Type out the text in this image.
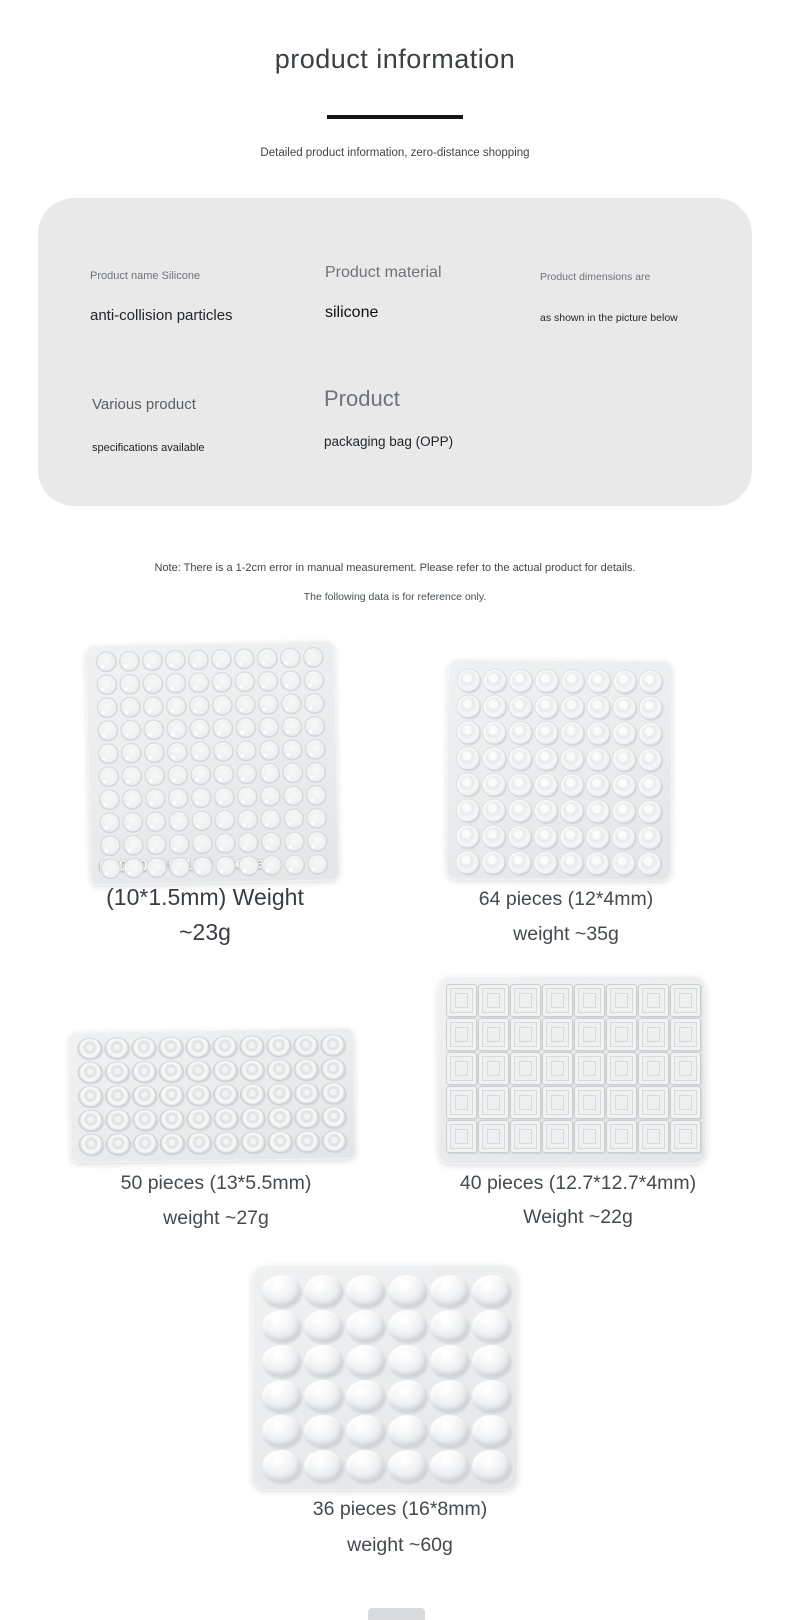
product information

Detailed product information, zero-distance shopping

Product name Silicone
anti-collision particles
Product material
silicone
Product dimensions are
as shown in the picture below
Various product
specifications available
Product
packaging bag (OPP)

Note: There is a 1-2cm error in manual measurement. Please refer to the actual product for details.

The following data is for reference only.

(10*1.5mm) Weight

~23g

64 pieces (12*4mm)

weight ~35g

50 pieces (13*5.5mm)

weight ~27g

40 pieces (12.7*12.7*4mm)

Weight ~22g

36 pieces (16*8mm)

weight ~60g
